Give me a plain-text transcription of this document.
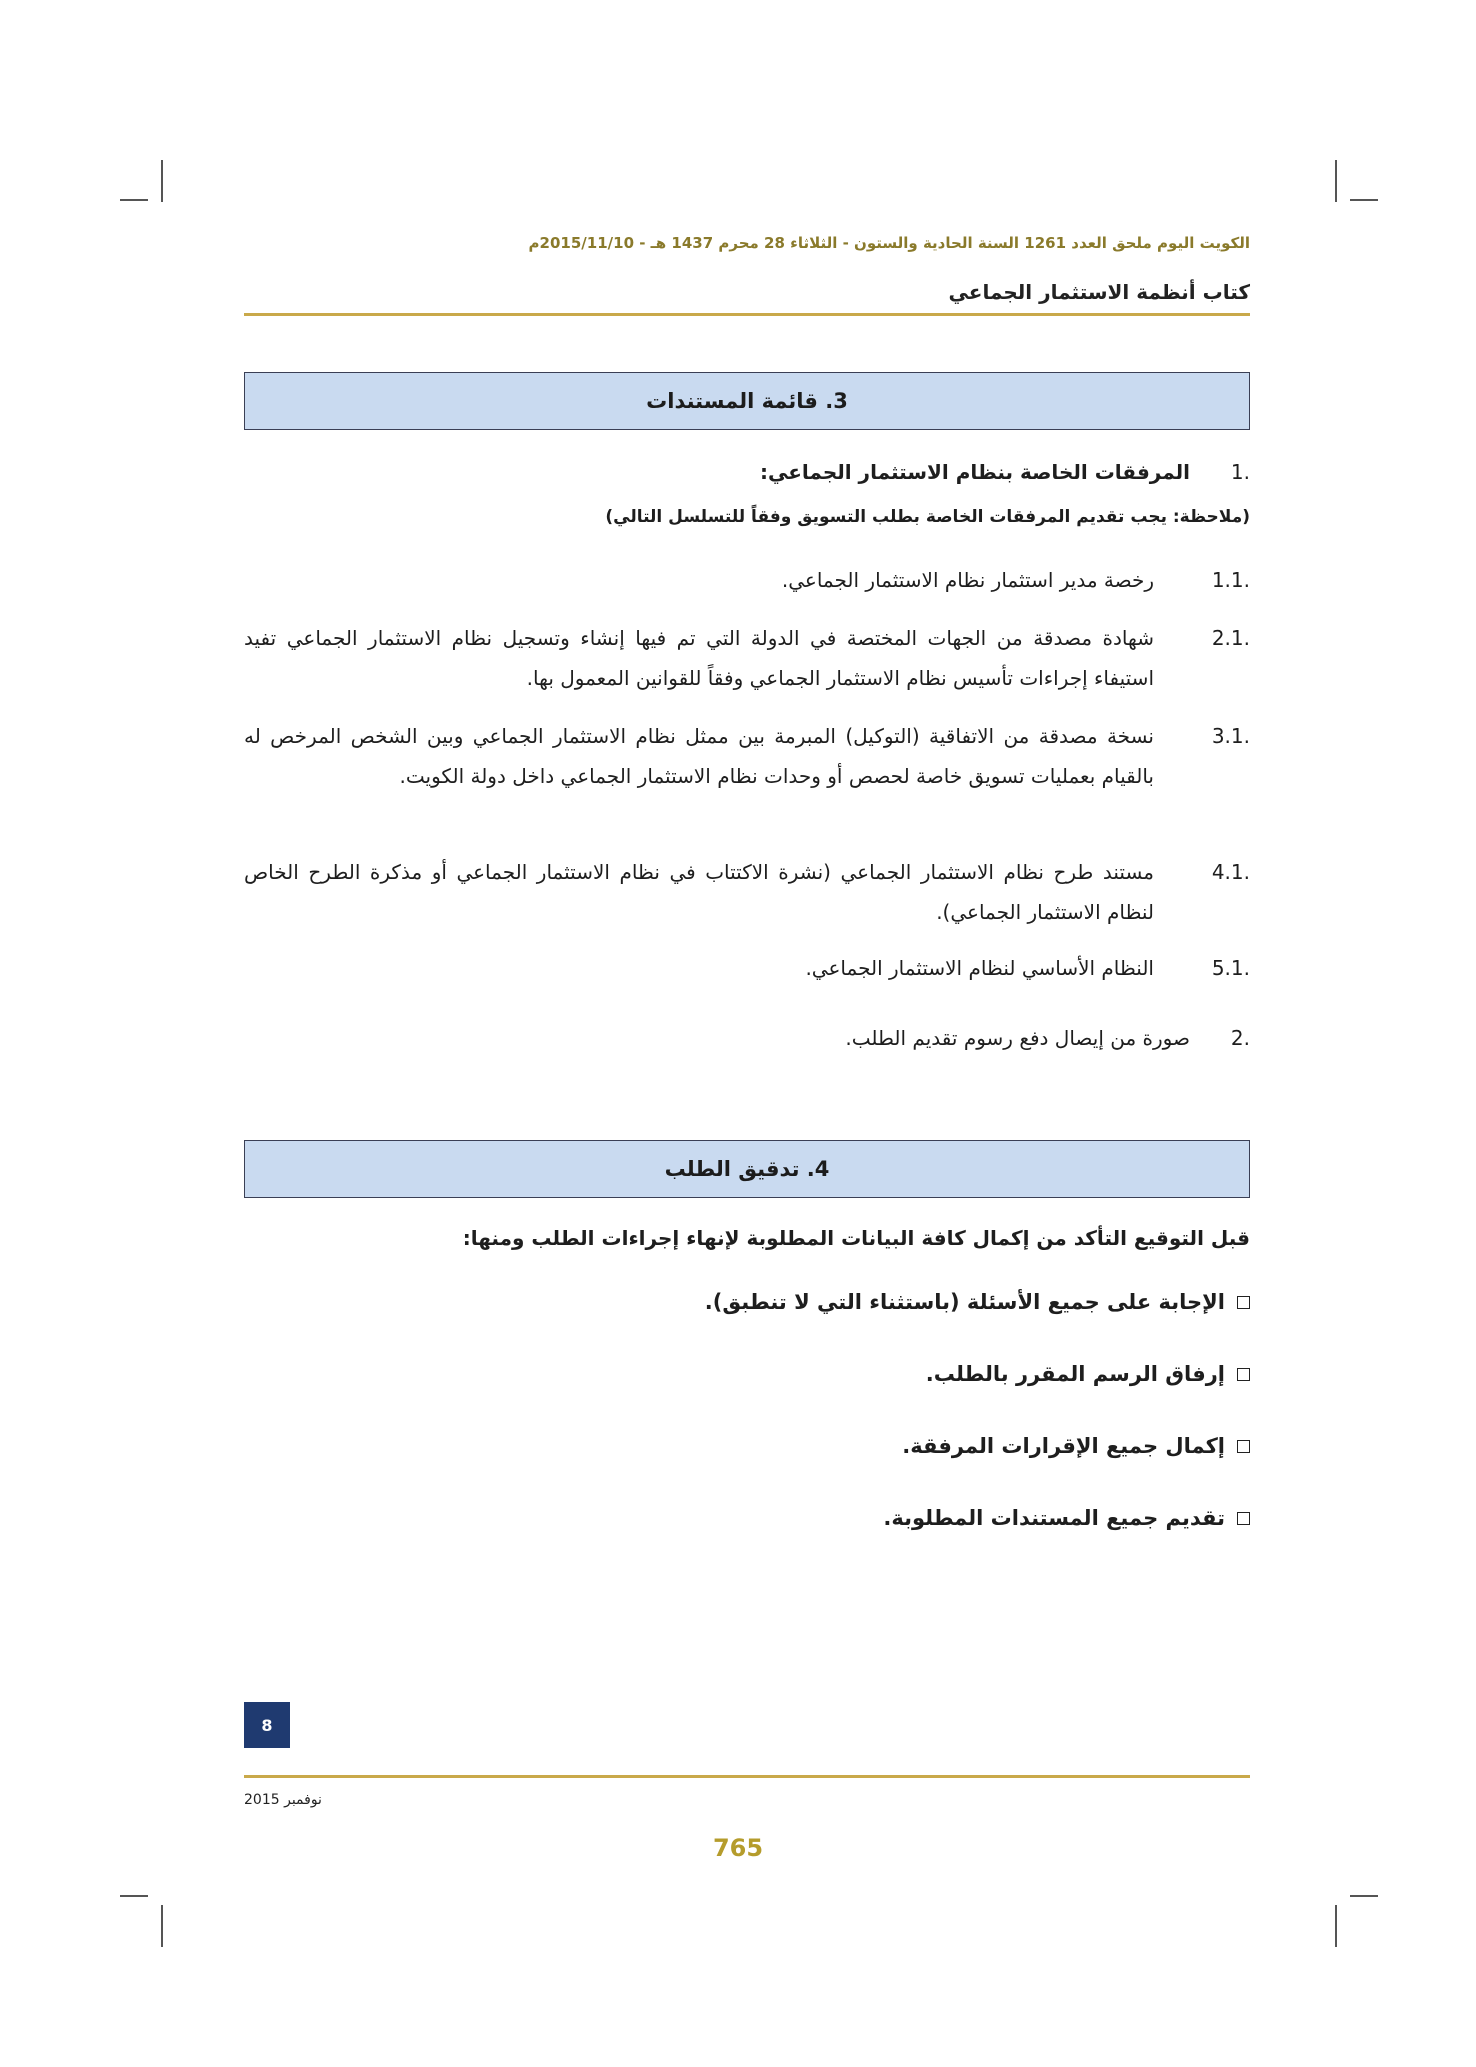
الكويت اليوم ملحق العدد 1261 السنة الحادية والستون - الثلاثاء 28 محرم 1437 هـ - 2015/11/10م
كتاب أنظمة الاستثمار الجماعي
3. قائمة المستندات
.1
المرفقات الخاصة بنظام الاستثمار الجماعي:
(ملاحظة: يجب تقديم المرفقات الخاصة بطلب التسويق وفقاً للتسلسل التالي)
.1.1
رخصة مدير استثمار نظام الاستثمار الجماعي.
.2.1
شهادة مصدقة من الجهات المختصة في الدولة التي تم فيها إنشاء وتسجيل نظام الاستثمار الجماعي تفيد استيفاء إجراءات تأسيس نظام الاستثمار الجماعي وفقاً للقوانين المعمول بها.
.3.1
نسخة مصدقة من الاتفاقية (التوكيل) المبرمة بين ممثل نظام الاستثمار الجماعي وبين الشخص المرخص له بالقيام بعمليات تسويق خاصة لحصص أو وحدات نظام الاستثمار الجماعي داخل دولة الكويت.
.4.1
مستند طرح نظام الاستثمار الجماعي (نشرة الاكتتاب في نظام الاستثمار الجماعي أو مذكرة الطرح الخاص لنظام الاستثمار الجماعي).
.5.1
النظام الأساسي لنظام الاستثمار الجماعي.
.2
صورة من إيصال دفع رسوم تقديم الطلب.
4. تدقيق الطلب
قبل التوقيع التأكد من إكمال كافة البيانات المطلوبة لإنهاء إجراءات الطلب ومنها:
الإجابة على جميع الأسئلة (باستثناء التي لا تنطبق).
إرفاق الرسم المقرر بالطلب.
إكمال جميع الإقرارات المرفقة.
تقديم جميع المستندات المطلوبة.
8
نوفمبر 2015
765
